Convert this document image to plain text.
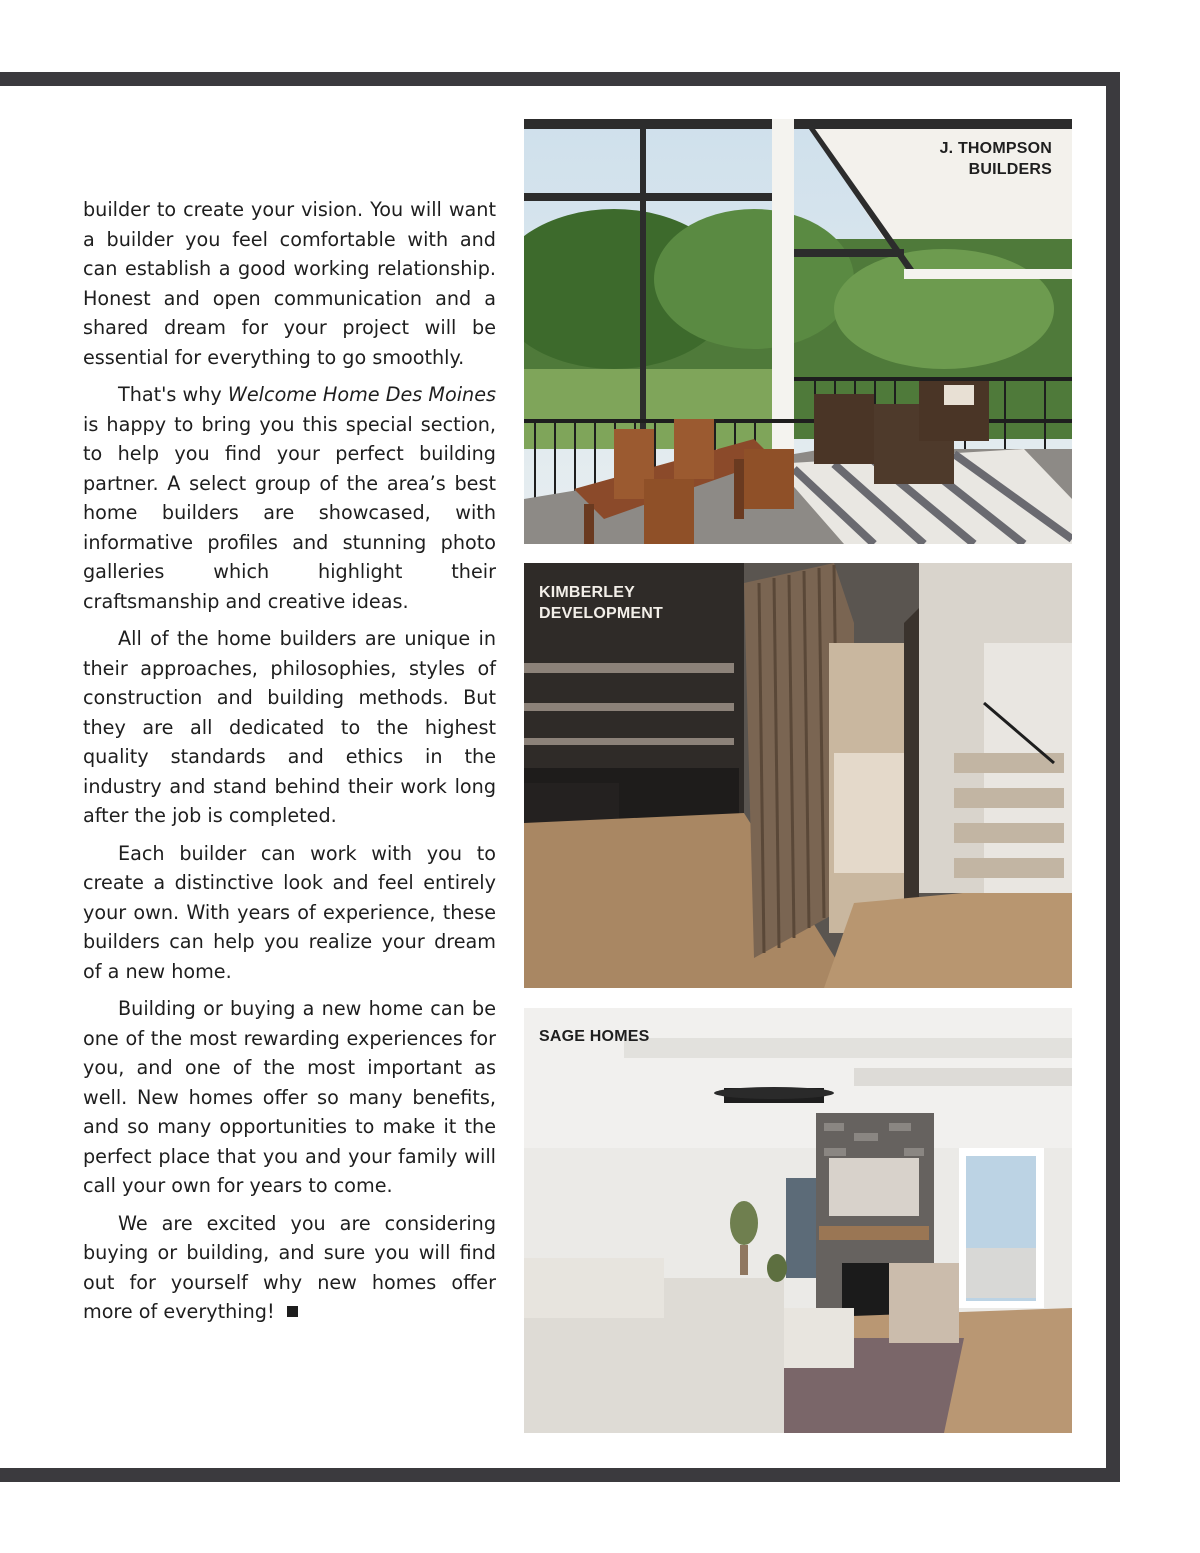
builder to create your vision. You will want a builder you feel comfortable with and can establish a good working relationship. Honest and open communication and a shared dream for your project will be essential for everything to go smoothly.

That's why Welcome Home Des Moines is happy to bring you this special section, to help you find your perfect building partner. A select group of the area’s best home builders are showcased, with informative profiles and stunning photo galleries which highlight their craftsmanship and creative ideas.

All of the home builders are unique in their approaches, philosophies, styles of construction and building methods. But they are all dedicated to the highest quality standards and ethics in the industry and stand behind their work long after the job is completed.

Each builder can work with you to create a distinctive look and feel entirely your own. With years of experience, these builders can help you realize your dream of a new home.

Building or buying a new home can be one of the most rewarding experiences for you, and one of the most important as well. New homes offer so many benefits, and so many opportunities to make it the perfect place that you and your family will call your own for years to come.

We are excited you are considering buying or building, and sure you will find out for yourself why new homes offer more of everything!

J. THOMPSON
BUILDERS
KIMBERLEY
DEVELOPMENT
SAGE HOMES
